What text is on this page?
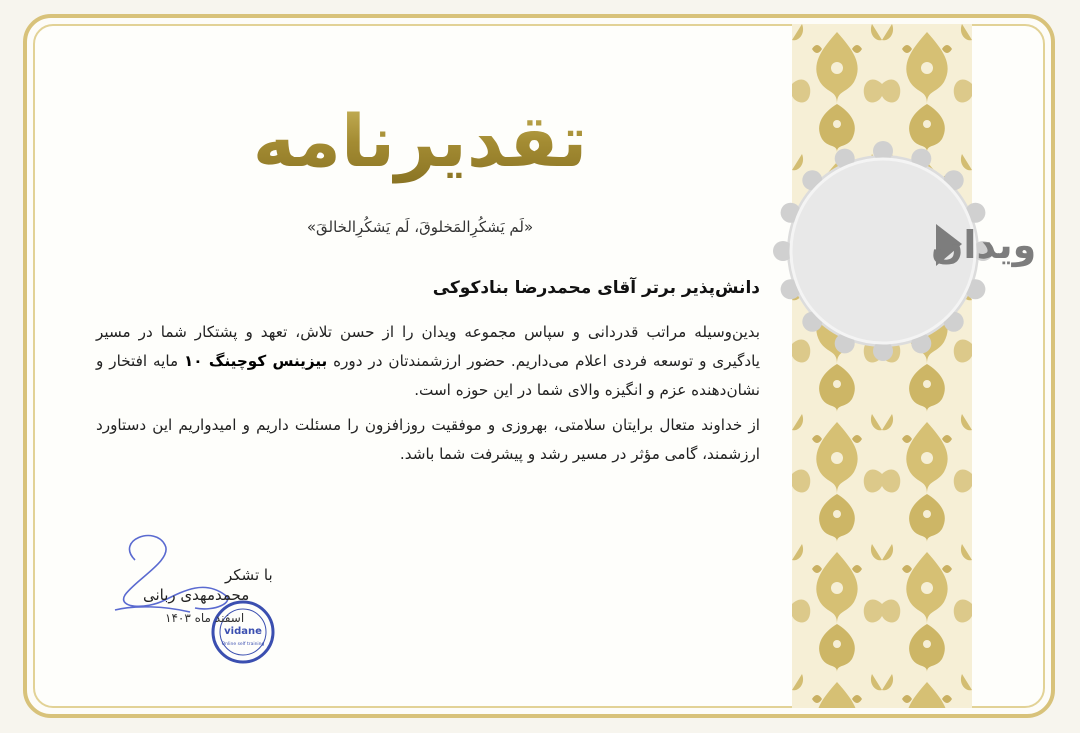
ویدان
تقدیرنامه
«لَم یَشکُرِالمَخلوقَ، لَم یَشکُرِالخالقَ»
دانش‌پذیر برتر آقای محمدرضا بنادکوکی

بدین‌وسیله مراتب قدردانی و سپاس مجموعه ویدان را از حسن تلاش، تعهد و پشتکار شما در مسیر یادگیری و توسعه فردی اعلام می‌داریم. حضور ارزشمندتان در دوره بیزینس کوچینگ ۱۰ مایه افتخار و نشان‌دهنده عزم و انگیزه والای شما در این حوزه است.

از خداوند متعال برایتان سلامتی، بهروزی و موفقیت روزافزون را مسئلت داریم و امیدواریم این دستاورد ارزشمند، گامی مؤثر در مسیر رشد و پیشرفت شما باشد.

vidane
Online self training
با تشکر
محمدمهدی ربانی
اسفند ماه ۱۴۰۳
